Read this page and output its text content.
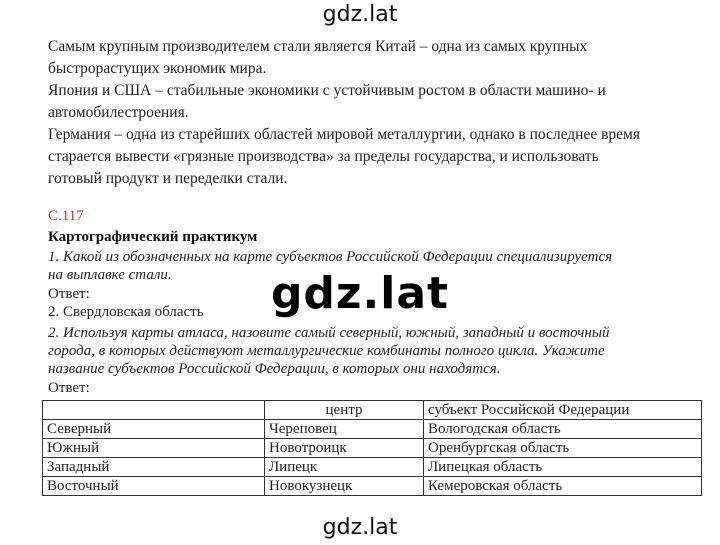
gdz.lat
Самым крупным производителем стали является Китай – одна из самых крупных
быстрорастущих экономик мира.
Япония и США – стабильные экономики с устойчивым ростом в области машино- и
автомобилестроения.
Германия – одна из старейших областей мировой металлургии, однако в последнее время
старается вывести «грязные производства» за пределы государства, и использовать
готовый продукт и переделки стали.
С.117
Картографический практикум
1. Какой из обозначенных на карте субъектов Российской Федерации специализируется
на выплавке стали.
Ответ:
2. Свердловская область
2. Используя карты атласа, назовите самый северный, южный, западный и восточный
города, в которых действуют металлургические комбинаты полного цикла. Укажите
название субъектов Российской Федерации, в которых они находятся.
Ответ:
	центр	субъект Российской Федерации
Северный	Череповец	Вологодская область
Южный	Новотроицк	Оренбургская область
Западный	Липецк	Липецкая область
Восточный	Новокузнецк	Кемеровская область
gdz.lat
gdz.lat
